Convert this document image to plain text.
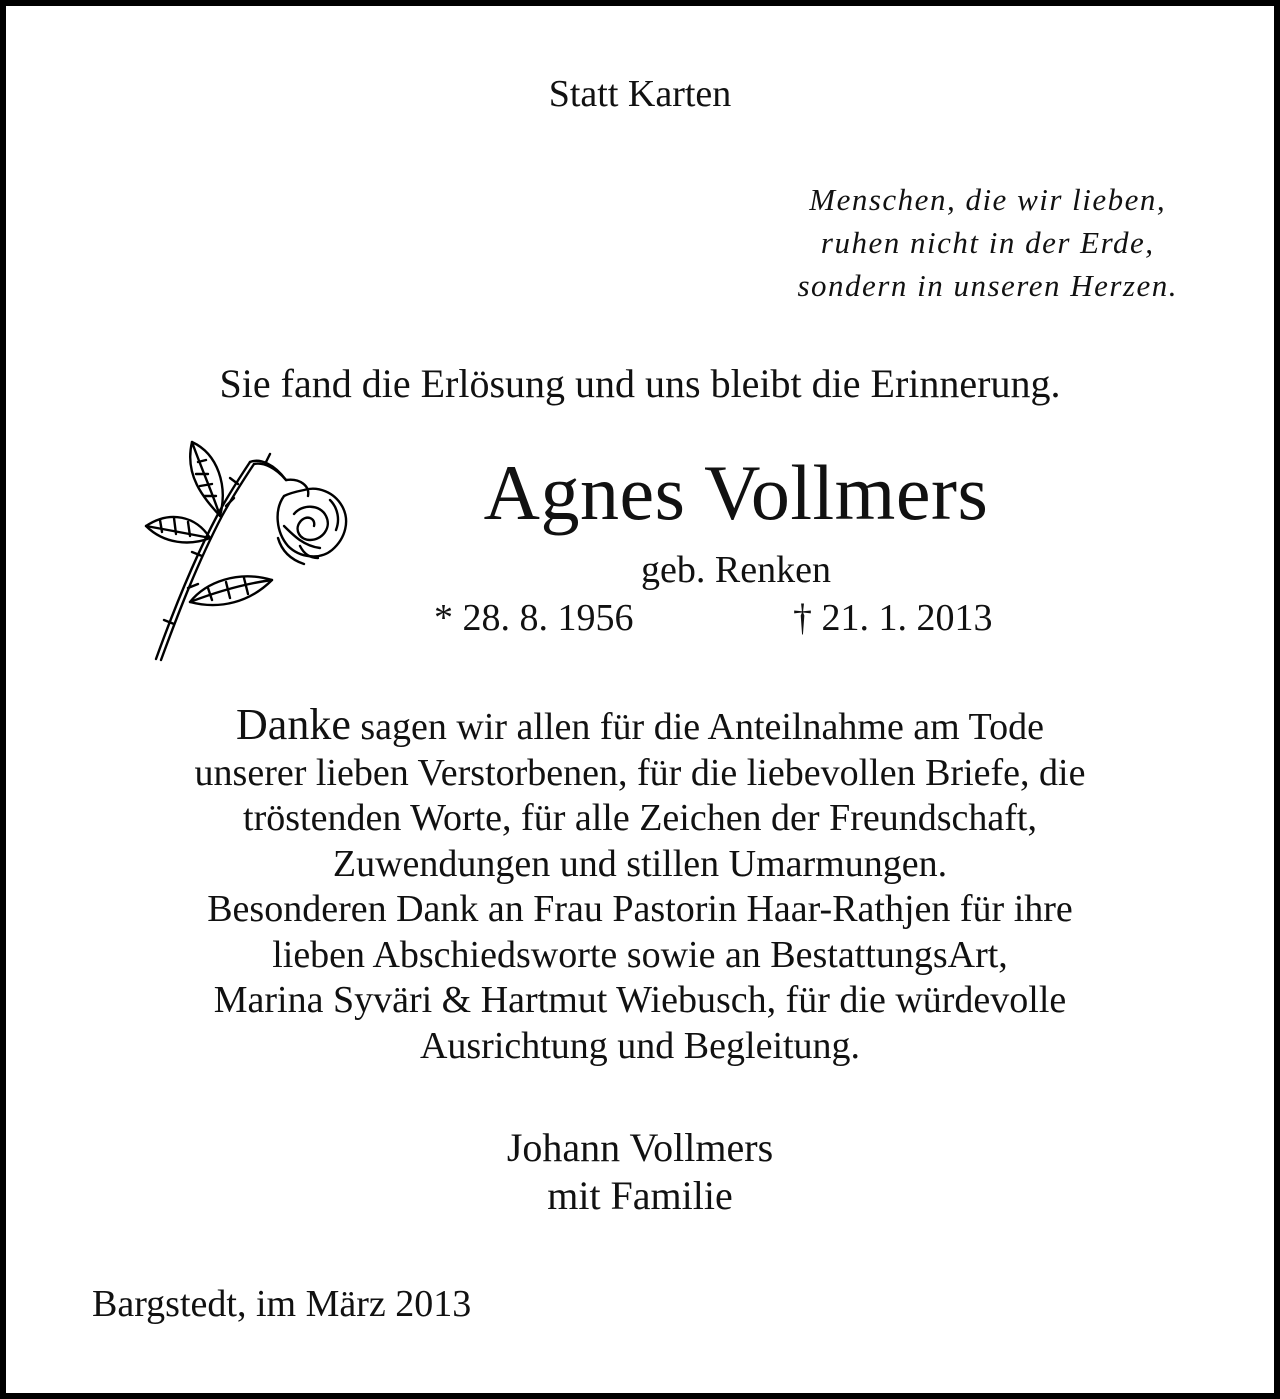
Statt Karten

Menschen, die wir lieben,
ruhen nicht in der Erde,
sondern in unseren Herzen.

Sie fand die Erlösung und uns bleibt die Erinnerung.

Agnes Vollmers

geb. Renken

* 28. 8. 1956	† 21. 1. 2013

Danke sagen wir allen für die Anteilnahme am Tode
unserer lieben Verstorbenen, für die liebevollen Briefe, die
tröstenden Worte, für alle Zeichen der Freundschaft,
Zuwendungen und stillen Umarmungen.
Besonderen Dank an Frau Pastorin Haar-Rathjen für ihre
lieben Abschiedsworte sowie an BestattungsArt,
Marina Syväri & Hartmut Wiebusch, für die würdevolle
Ausrichtung und Begleitung.
Johann Vollmers
mit Familie

Bargstedt, im März 2013
